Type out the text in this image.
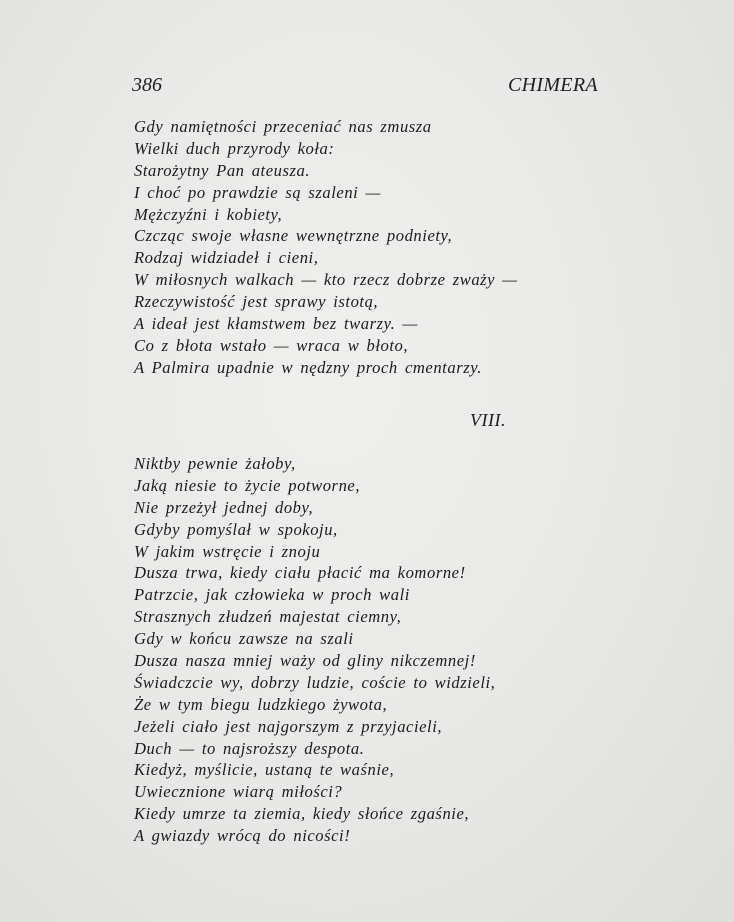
386	CHIMERA
Gdy namiętności przeceniać nas zmusza
Wielki duch przyrody koła:
Starożytny Pan ateusza.
I choć po prawdzie są szaleni —
Mężczyźni i kobiety,
Czcząc swoje własne wewnętrzne podniety,
Rodzaj widziadeł i cieni,
W miłosnych walkach — kto rzecz dobrze zważy —
Rzeczywistość jest sprawy istotą,
A ideał jest kłamstwem bez twarzy. —
Co z błota wstało — wraca w błoto,
A Palmira upadnie w nędzny proch cmentarzy.
VIII.
Niktby pewnie żałoby,
Jaką niesie to życie potworne,
Nie przeżył jednej doby,
Gdyby pomyślał w spokoju,
W jakim wstręcie i znoju
Dusza trwa, kiedy ciału płacić ma komorne!
Patrzcie, jak człowieka w proch wali
Strasznych złudzeń majestat ciemny,
Gdy w końcu zawsze na szali
Dusza nasza mniej waży od gliny nikczemnej!
Świadczcie wy, dobrzy ludzie, coście to widzieli,
Że w tym biegu ludzkiego żywota,
Jeżeli ciało jest najgorszym z przyjacieli,
Duch — to najsroższy despota.
Kiedyż, myślicie, ustaną te waśnie,
Uwiecznione wiarą miłości?
Kiedy umrze ta ziemia, kiedy słońce zgaśnie,
A gwiazdy wrócą do nicości!
